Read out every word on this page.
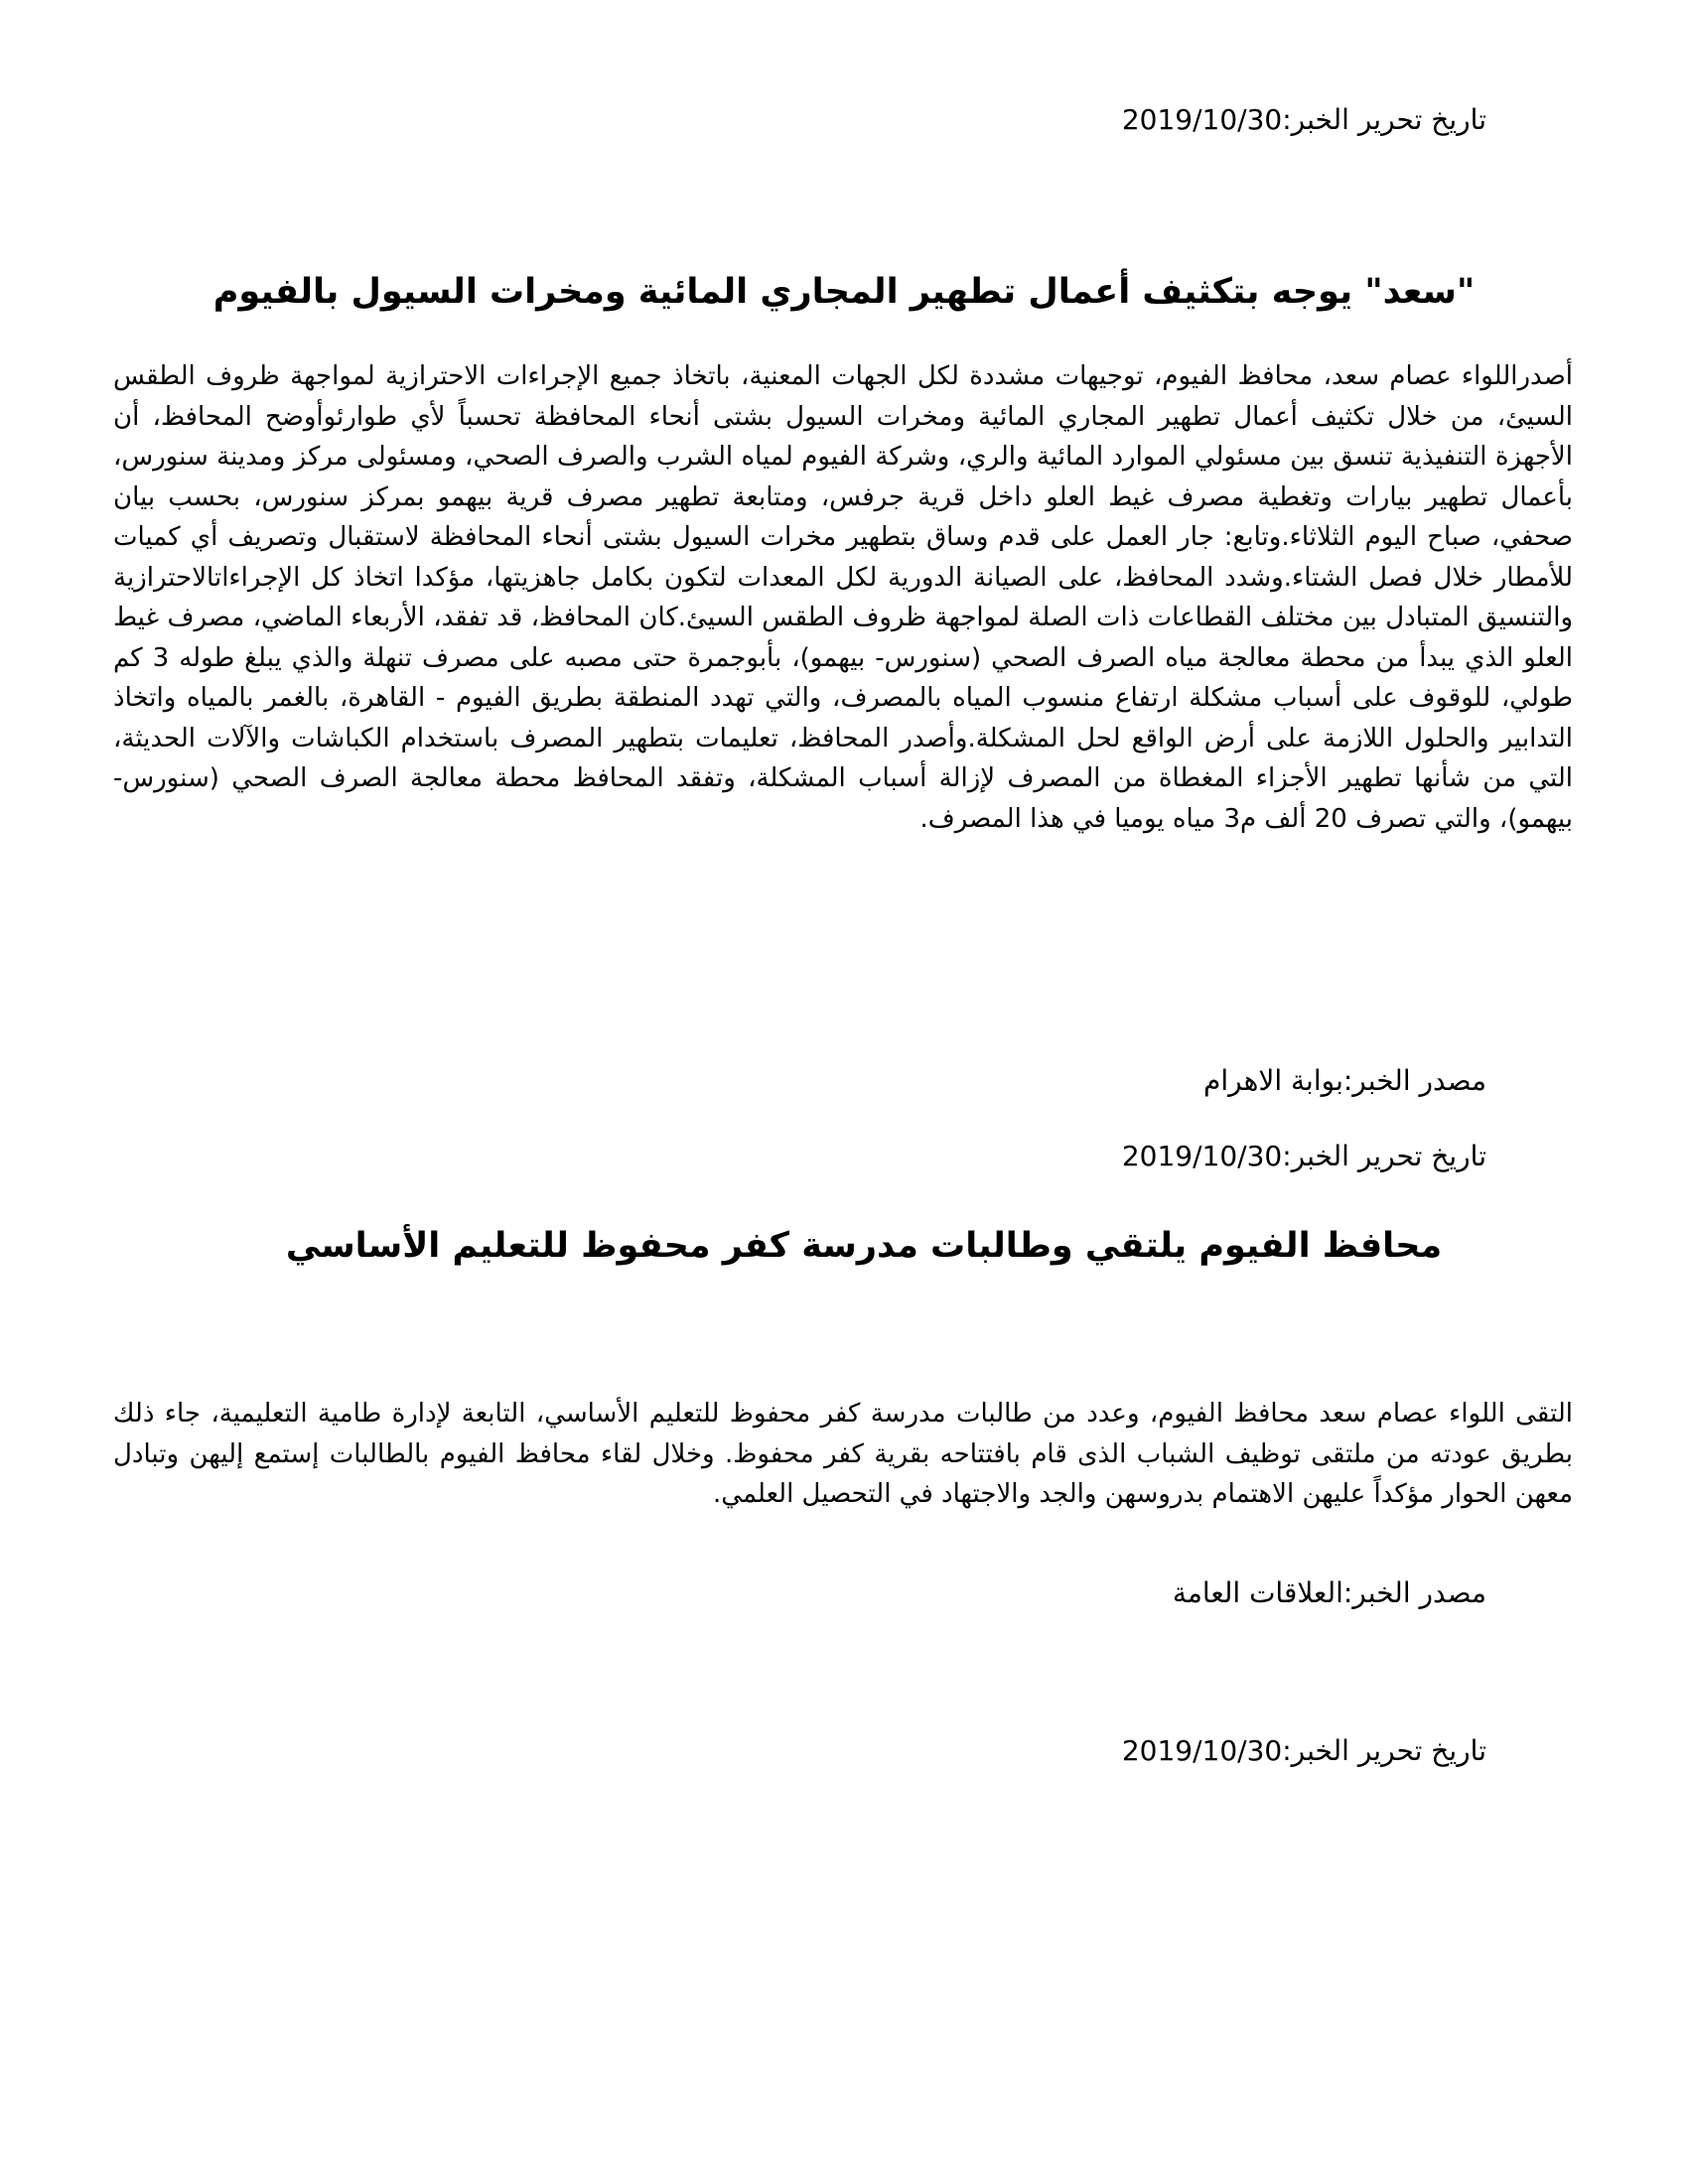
تاريخ تحرير الخبر:2019/10/30
"سعد" يوجه بتكثيف أعمال تطهير المجاري المائية ومخرات السيول بالفيوم
أصدراللواء عصام سعد، محافظ الفيوم، توجيهات مشددة لكل الجهات المعنية، باتخاذ جميع الإجراءات الاحترازية لمواجهة ظروف الطقس السيئ، من خلال تكثيف أعمال تطهير المجاري المائية ومخرات السيول بشتى أنحاء المحافظة تحسباً لأي طوارئوأوضح المحافظ، أن الأجهزة التنفيذية تنسق بين مسئولي الموارد المائية والري، وشركة الفيوم لمياه الشرب والصرف الصحي، ومسئولى مركز ومدينة سنورس، بأعمال تطهير بيارات وتغطية مصرف غيط العلو داخل قرية جرفس، ومتابعة تطهير مصرف قرية بيهمو بمركز سنورس، بحسب بيان صحفي، صباح اليوم الثلاثاء.وتابع: جار العمل على قدم وساق بتطهير مخرات السيول بشتى أنحاء المحافظة لاستقبال وتصريف أي كميات للأمطار خلال فصل الشتاء.وشدد المحافظ، على الصيانة الدورية لكل المعدات لتكون بكامل جاهزيتها، مؤكدا اتخاذ كل الإجراءاتالاحترازية والتنسيق المتبادل بين مختلف القطاعات ذات الصلة لمواجهة ظروف الطقس السيئ.كان المحافظ، قد تفقد، الأربعاء الماضي، مصرف غيط العلو الذي يبدأ من محطة معالجة مياه الصرف الصحي (سنورس- بيهمو)، بأبوجمرة حتى مصبه على مصرف تنهلة والذي يبلغ طوله 3 كم طولي، للوقوف على أسباب مشكلة ارتفاع منسوب المياه بالمصرف، والتي تهدد المنطقة بطريق الفيوم - القاهرة، بالغمر بالمياه واتخاذ التدابير والحلول اللازمة على أرض الواقع لحل المشكلة.وأصدر المحافظ، تعليمات بتطهير المصرف باستخدام الكباشات والآلات الحديثة، التي من شأنها تطهير الأجزاء المغطاة من المصرف لإزالة أسباب المشكلة، وتفقد المحافظ محطة معالجة الصرف الصحي (سنورس- بيهمو)، والتي تصرف 20 ألف م3 مياه يوميا في هذا المصرف.
مصدر الخبر:بوابة الاهرام
تاريخ تحرير الخبر:2019/10/30
محافظ الفيوم يلتقي وطالبات مدرسة كفر محفوظ للتعليم الأساسي
التقى اللواء عصام سعد محافظ الفيوم، وعدد من طالبات مدرسة كفر محفوظ للتعليم الأساسي، التابعة لإدارة طامية التعليمية، جاء ذلك بطريق عودته من ملتقى توظيف الشباب الذى قام بافتتاحه بقرية كفر محفوظ. وخلال لقاء محافظ الفيوم بالطالبات إستمع إليهن وتبادل معهن الحوار مؤكداً عليهن الاهتمام بدروسهن والجد والاجتهاد في التحصيل العلمي.
مصدر الخبر:العلاقات العامة
تاريخ تحرير الخبر:2019/10/30
